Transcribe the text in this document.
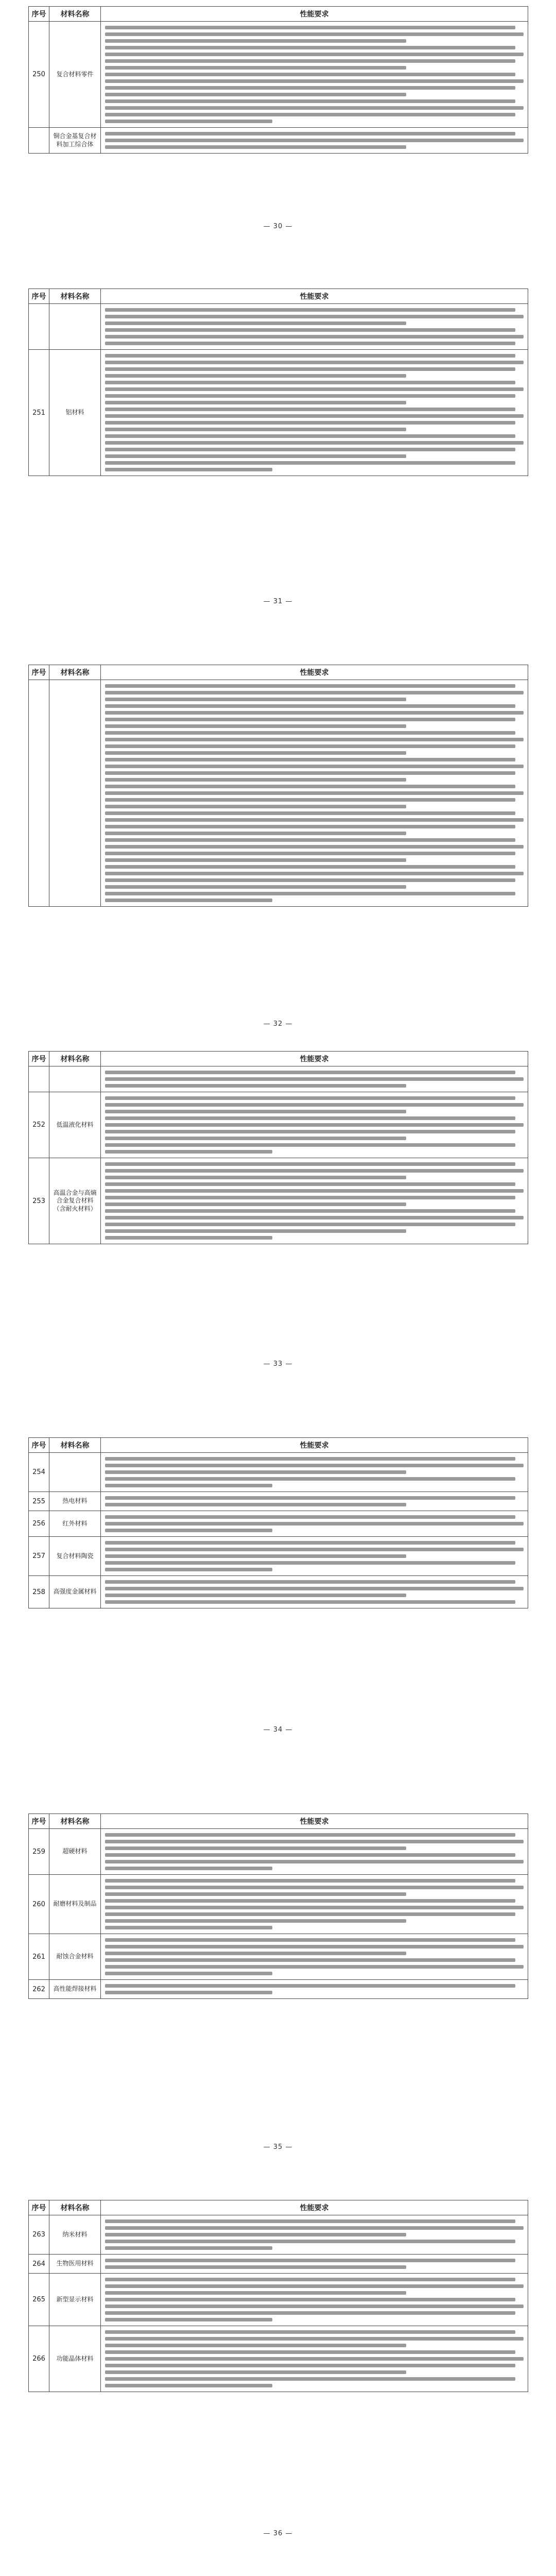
序号	材料名称	性能要求
250	复合材料零件	

	铜合金基复合材料加工综合体	
— 30 —
序号	材料名称	性能要求

251	铝材料	
— 31 —
序号	材料名称	性能要求

— 32 —
序号	材料名称	性能要求

252	低温液化材料	

253	高温合金与高熵合金复合材料（含耐火材料）	
— 33 —
序号	材料名称	性能要求
254		

255	热电材料	

256	红外材料	

257	复合材料陶瓷	

258	高强度金属材料	
— 34 —
序号	材料名称	性能要求
259	超硬材料	

260	耐磨材料及制品	

261	耐蚀合金材料	

262	高性能焊接材料	
— 35 —
序号	材料名称	性能要求
263	纳米材料	

264	生物医用材料	

265	新型显示材料	

266	功能晶体材料	
— 36 —
